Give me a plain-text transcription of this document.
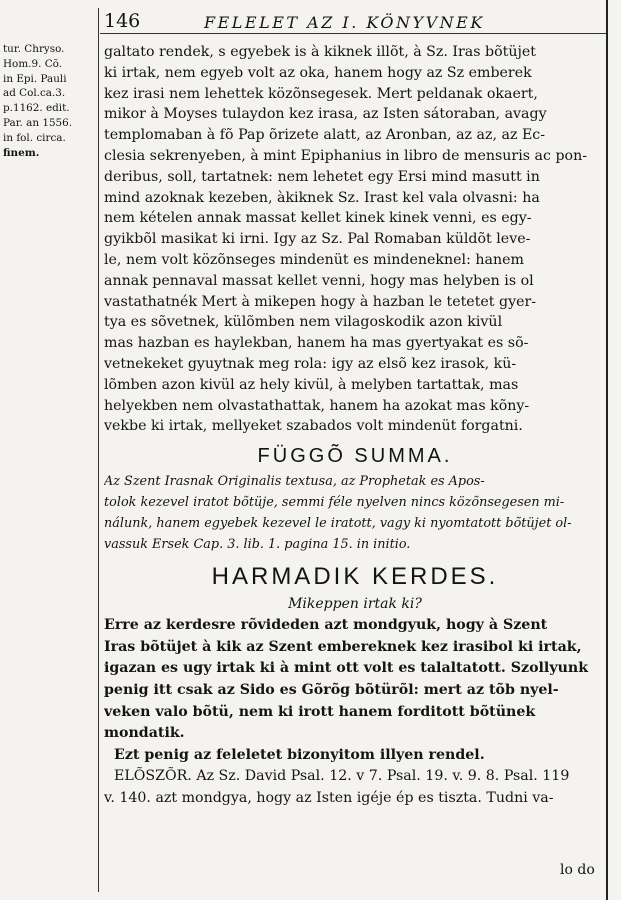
146	FELELET AZ I. KÖNYVNEK
tur. Chryso.
Hom.9. Cõ.
in Epi. Pauli
ad Col.ca.3.
p.1162. edit.
Par. an 1556.
in fol. circa.
finem.
galtato rendek, s egyebek is à kiknek illõt, à Sz. Iras bõtüjet
ki irtak, nem egyeb volt az oka, hanem hogy az Sz emberek
kez irasi nem lehettek közõnsegesek. Mert peldanak okaert,
mikor à Moyses tulaydon kez irasa, az Isten sátoraban, avagy
templomaban à fõ Pap õrizete alatt, az Aronban, az az, az Ec-
clesia sekrenyeben, à mint Epiphanius in libro de mensuris ac pon-
deribus, soll, tartatnek: nem lehetet egy Ersi mind masutt in
mind azoknak kezeben, àkiknek Sz. Irast kel vala olvasni: ha
nem kételen annak massat kellet kinek kinek venni, es egy-
gyikbõl masikat ki irni. Igy az Sz. Pal Romaban küldõt leve-
le, nem volt közõnseges mindenüt es mindeneknel: hanem
annak pennaval massat kellet venni, hogy mas helyben is ol
vastathatnék Mert à mikepen hogy à hazban le tetetet gyer-
tya es sõvetnek, külõmben nem vilagoskodik azon kivül
mas hazban es haylekban, hanem ha mas gyertyakat es sõ-
vetnekeket gyuytnak meg rola: igy az elsõ kez irasok, kü-
lõmben azon kivül az hely kivül, à melyben tartattak, mas
helyekben nem olvastathattak, hanem ha azokat mas kõny-
vekbe ki irtak, mellyeket szabados volt mindenüt forgatni.
FÜGGÕ SUMMA.
Az Szent Irasnak Originalis textusa, az Prophetak es Apos-
tolok kezevel iratot bõtüje, semmi féle nyelven nincs közõnsegesen mi-
nálunk, hanem egyebek kezevel le iratott, vagy ki nyomtatott bõtüjet ol-
vassuk Ersek Cap. 3. lib. 1. pagina 15. in initio.
HARMADIK KERDES.
Mikeppen irtak ki?
Erre az kerdesre rõvideden azt mondgyuk, hogy à Szent
Iras bõtüjet à kik az Szent embereknek kez irasibol ki irtak,
igazan es ugy irtak ki à mint ott volt es talaltatott. Szollyunk
penig itt csak az Sido es Gõrõg bõtürõl: mert az tõb nyel-
veken valo bõtü, nem ki irott hanem forditott bõtünek
mondatik.
Ezt penig az feleletet bizonyitom illyen rendel.
ELÕSZÕR. Az Sz. David Psal. 12. v 7. Psal. 19. v. 9. 8. Psal. 119
v. 140. azt mondgya, hogy az Isten igéje ép es tiszta. Tudni va-
lo do
